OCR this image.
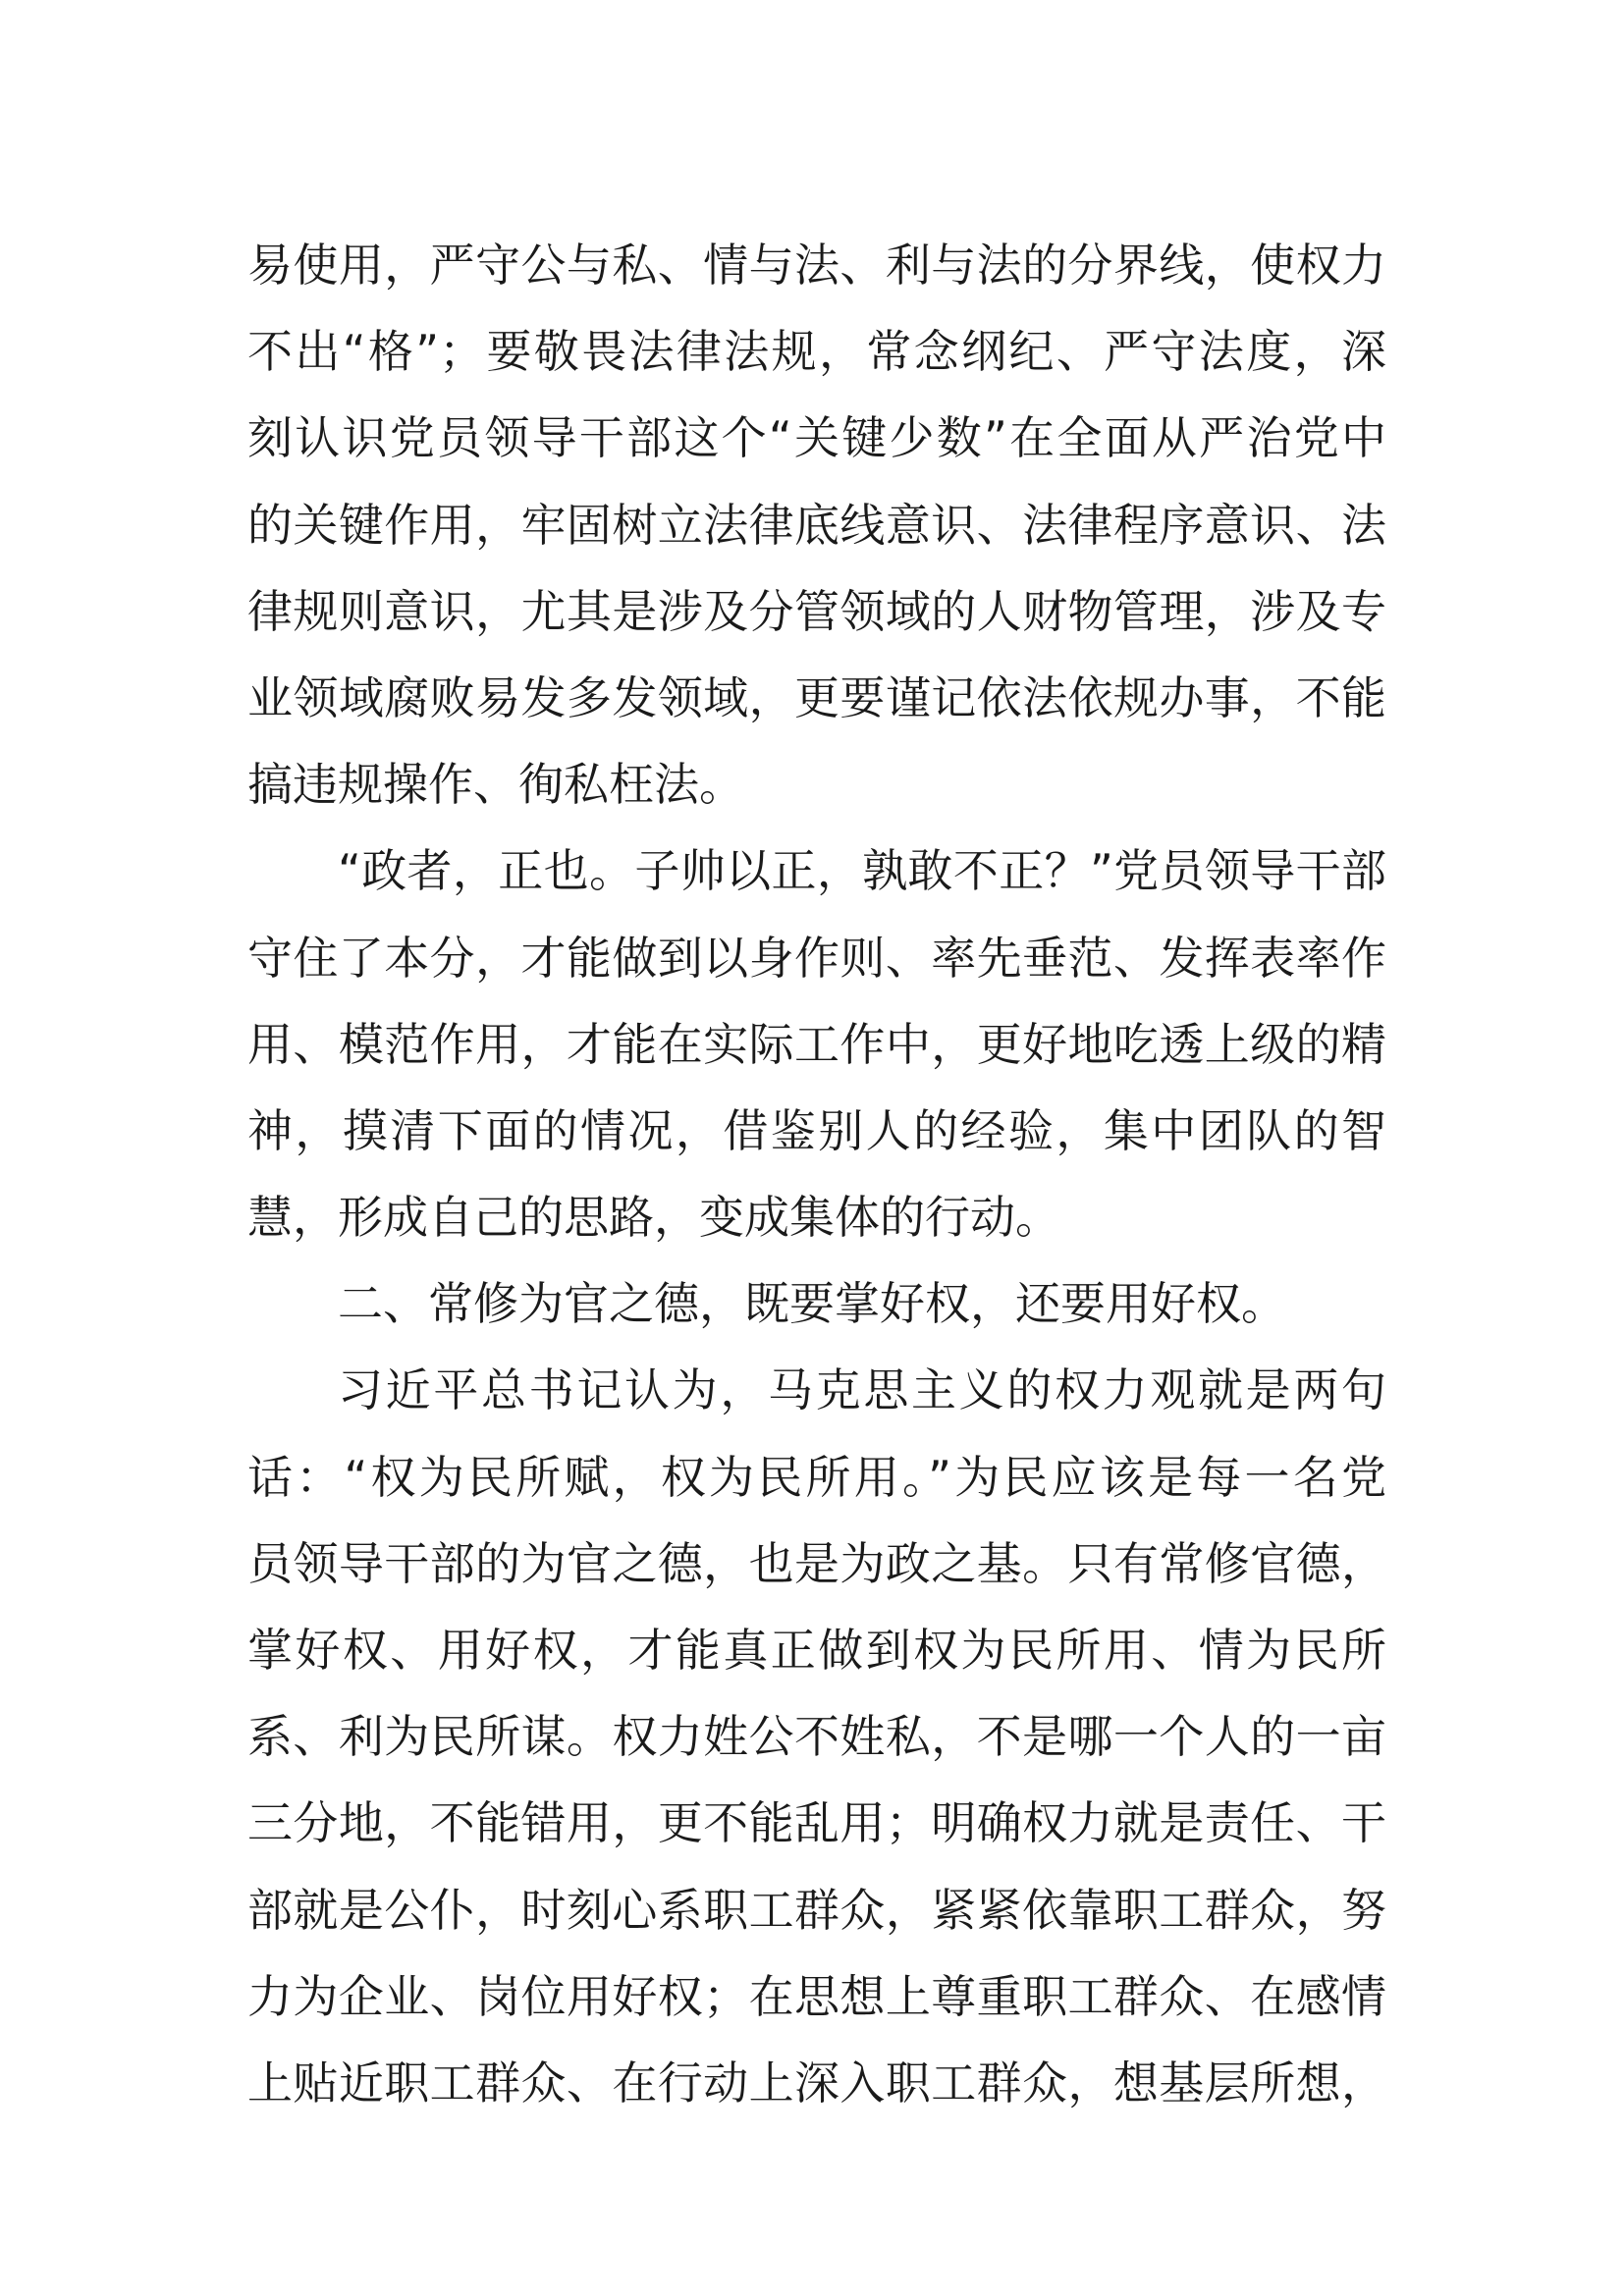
易使用，严守公与私、情与法、利与法的分界线，使权力
不出“格”；要敬畏法律法规，常念纲纪、严守法度，深
刻认识党员领导干部这个“关键少数”在全面从严治党中
的关键作用，牢固树立法律底线意识、法律程序意识、法
律规则意识，尤其是涉及分管领域的人财物管理，涉及专
业领域腐败易发多发领域，更要谨记依法依规办事，不能
搞违规操作、徇私枉法。
“政者，正也。子帅以正，孰敢不正？”党员领导干部
守住了本分，才能做到以身作则、率先垂范、发挥表率作
用、模范作用，才能在实际工作中，更好地吃透上级的精
神，摸清下面的情况，借鉴别人的经验，集中团队的智
慧，形成自己的思路，变成集体的行动。
二、常修为官之德，既要掌好权，还要用好权。
习近平总书记认为，马克思主义的权力观就是两句
话：“权为民所赋，权为民所用。”为民应该是每一名党
员领导干部的为官之德，也是为政之基。只有常修官德，
掌好权、用好权，才能真正做到权为民所用、情为民所
系、利为民所谋。权力姓公不姓私，不是哪一个人的一亩
三分地，不能错用，更不能乱用；明确权力就是责任、干
部就是公仆，时刻心系职工群众，紧紧依靠职工群众，努
力为企业、岗位用好权；在思想上尊重职工群众、在感情
上贴近职工群众、在行动上深入职工群众，想基层所想，
